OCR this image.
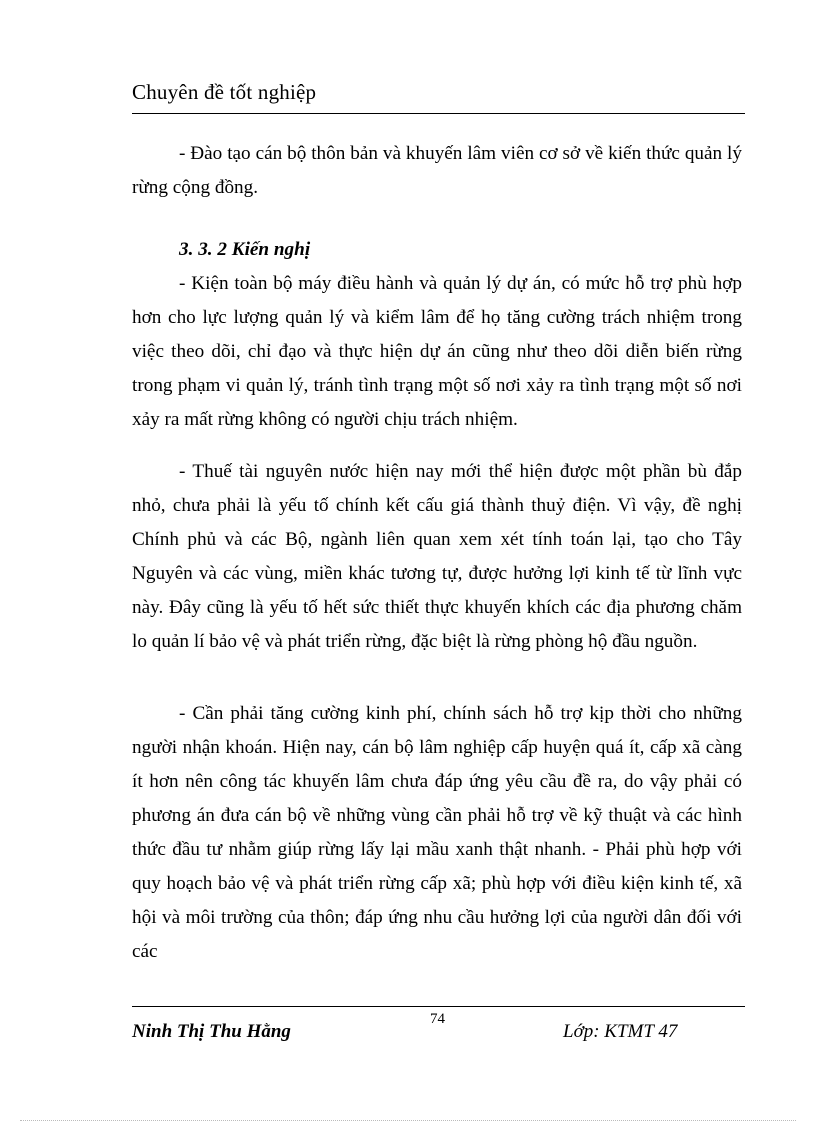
Chuyên đề tốt nghiệp

- Đào tạo cán bộ thôn bản và khuyến lâm viên cơ sở về kiến thức quản lý rừng cộng đồng.

3. 3. 2 Kiến nghị

- Kiện toàn bộ máy điều hành và quản lý dự án, có mức hỗ trợ phù hợp hơn cho lực lượng quản lý và kiểm lâm để họ tăng cường trách nhiệm trong việc theo dõi, chỉ đạo và thực hiện dự án cũng như theo dõi diễn biến rừng trong phạm vi quản lý, tránh tình trạng một số nơi xảy ra tình trạng một số nơi xảy ra mất rừng không có người chịu trách nhiệm.

- Thuế tài nguyên nước hiện nay mới thể hiện được một phần bù đắp nhỏ, chưa phải là yếu tố chính kết cấu giá thành thuỷ điện. Vì vậy, đề nghị Chính phủ và các Bộ, ngành liên quan xem xét tính toán lại, tạo cho Tây Nguyên và các vùng, miền khác tương tự, được hưởng lợi kinh tế từ lĩnh vực này. Đây cũng là yếu tố hết sức thiết thực khuyến khích các địa phương chăm lo quản lí bảo vệ và phát triển rừng, đặc biệt là rừng phòng hộ đầu nguồn.

- Cần phải tăng cường kinh phí, chính sách hỗ trợ kịp thời cho những người nhận khoán. Hiện nay, cán bộ lâm nghiệp cấp huyện quá ít, cấp xã càng ít hơn nên công tác khuyến lâm chưa đáp ứng yêu cầu đề ra, do vậy phải có phương án đưa cán bộ về những vùng cần phải hỗ trợ về kỹ thuật và các hình thức đầu tư nhằm giúp rừng lấy lại mầu xanh thật nhanh. - Phải phù hợp với quy hoạch bảo vệ và phát triển rừng cấp xã; phù hợp với điều kiện kinh tế, xã hội và môi trường của thôn; đáp ứng nhu cầu hưởng lợi của người dân đối với các

74
Ninh Thị Thu Hằng	Lớp: KTMT 47
